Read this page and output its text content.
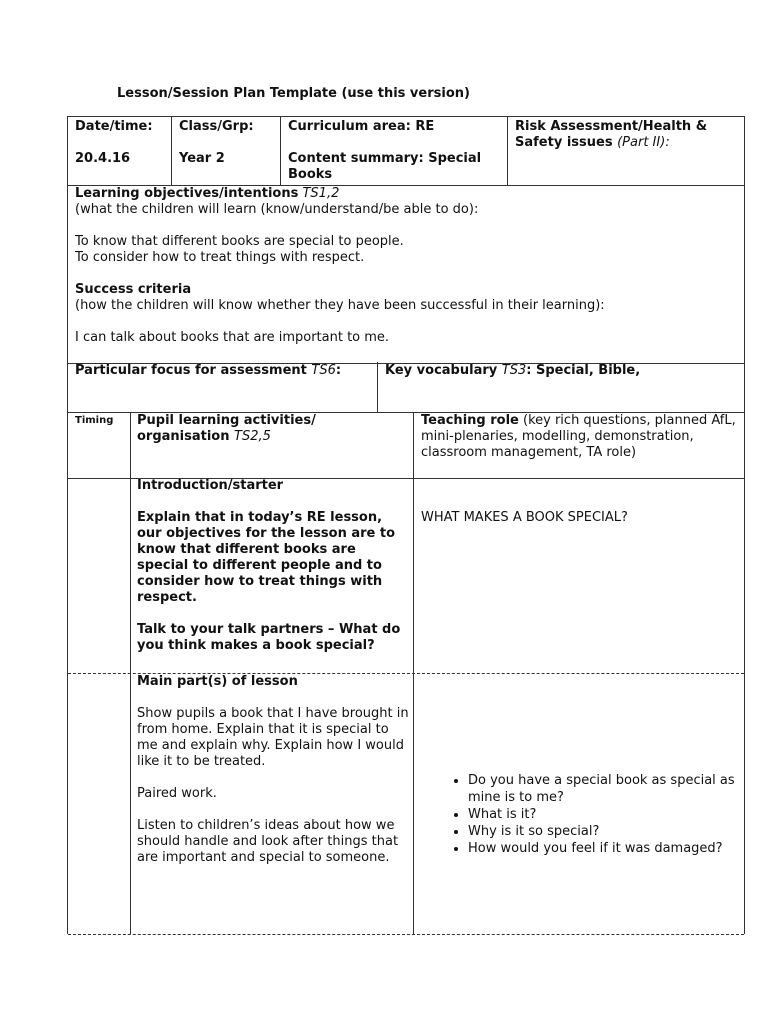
Lesson/Session Plan Template (use this version)
Date/time:
20.4.16
Class/Grp:
Year 2
Curriculum area: RE
Content summary: Special Books
Risk Assessment/Health & Safety issues (Part II):

Learning objectives/intentions TS1,2

(what the children will learn (know/understand/be able to do):

To know that different books are special to people.

To consider how to treat things with respect.

Success criteria

(how the children will know whether they have been successful in their learning):

I can talk about books that are important to me.

Particular focus for assessment TS6:	Key vocabulary TS3: Special, Bible,
Timing Pupil learning activities/ organisation TS2,5
Teaching role (key rich questions, planned AfL, mini-plenaries, modelling, demonstration, classroom management, TA role)

Introduction/starter

Explain that in today’s RE lesson, our objectives for the lesson are to know that different books are special to different people and to consider how to treat things with respect.

Talk to your talk partners – What do you think makes a book special?

WHAT MAKES A BOOK SPECIAL?

Main part(s) of lesson

Show pupils a book that I have brought in from home. Explain that it is special to me and explain why. Explain how I would like it to be treated.

Paired work.

Listen to children’s ideas about how we should handle and look after things that are important and special to someone.

• Do you have a special book as special as mine is to me?
• What is it?
• Why is it so special?
• How would you feel if it was damaged?
